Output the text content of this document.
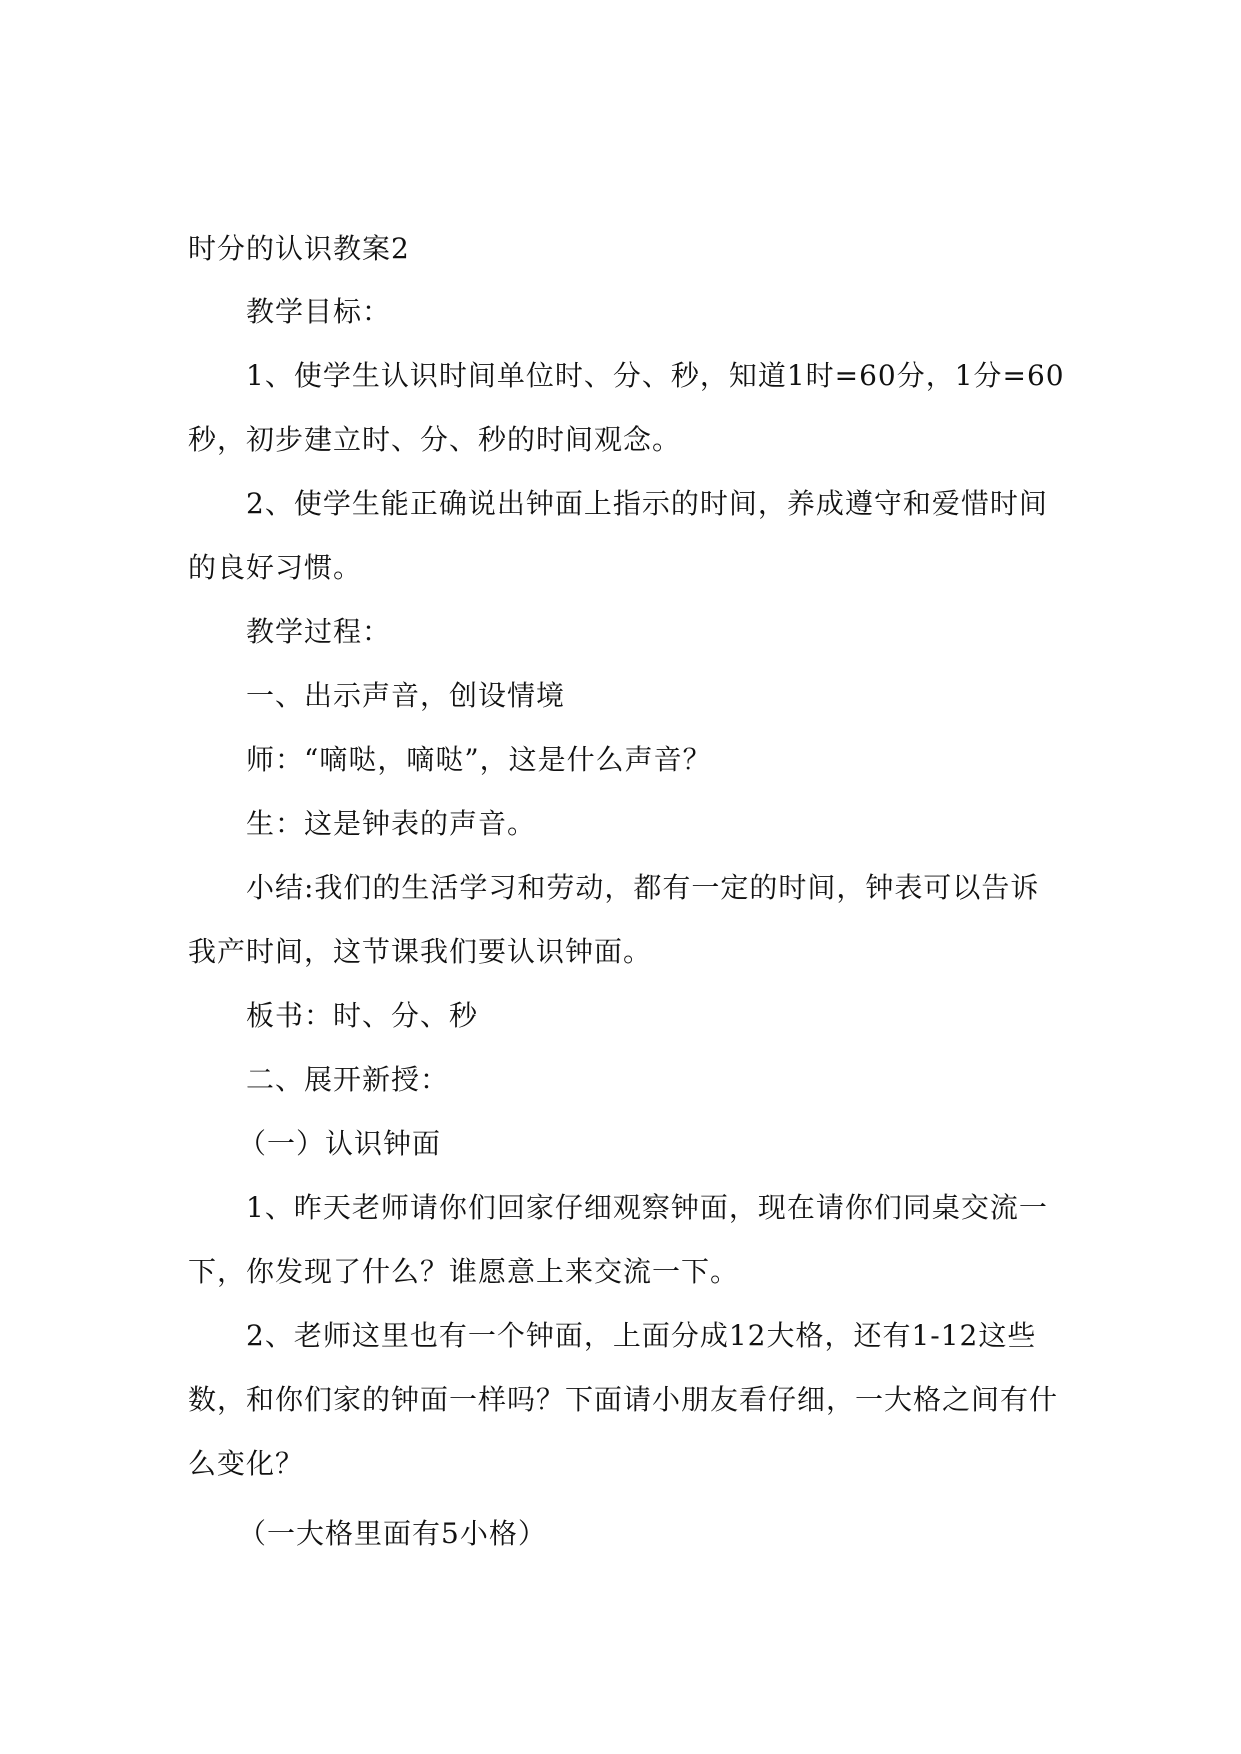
时分的认识教案2
教学目标：
1、使学生认识时间单位时、分、秒，知道1时=60分，1分=60
秒，初步建立时、分、秒的时间观念。
2、使学生能正确说出钟面上指示的时间，养成遵守和爱惜时间
的良好习惯。
教学过程：
一、出示声音，创设情境
师：“嘀哒，嘀哒”，这是什么声音？
生：这是钟表的声音。
小结:我们的生活学习和劳动，都有一定的时间，钟表可以告诉
我产时间，这节课我们要认识钟面。
板书：时、分、秒
二、展开新授：
（一）认识钟面
1、昨天老师请你们回家仔细观察钟面，现在请你们同桌交流一
下，你发现了什么？谁愿意上来交流一下。
2、老师这里也有一个钟面，上面分成12大格，还有1-12这些
数，和你们家的钟面一样吗？下面请小朋友看仔细，一大格之间有什
么变化？
（一大格里面有5小格）
